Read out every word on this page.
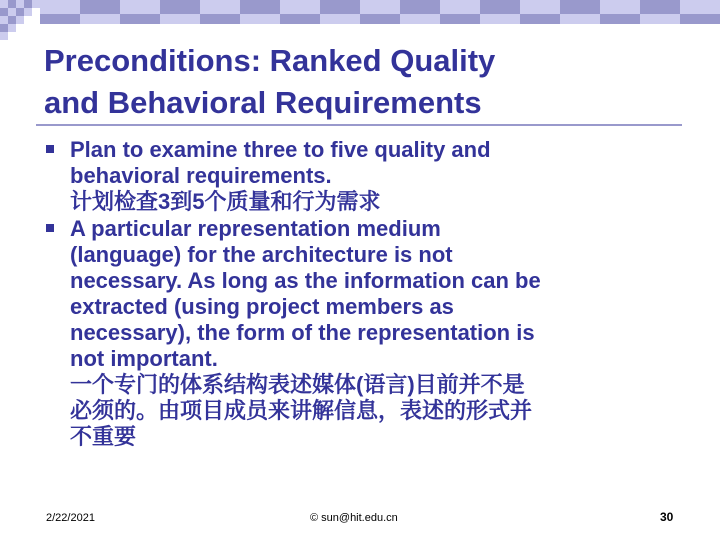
Preconditions: Ranked Quality
and Behavioral Requirements
Plan to examine three to five quality and
behavioral requirements.
计划检查3到5个质量和行为需求
A particular representation medium
(language) for the architecture is not
necessary. As long as the information can be
extracted (using project members as
necessary), the form of the representation is
not important.
一个专门的体系结构表述媒体(语言)目前并不是
必须的。由项目成员来讲解信息，表述的形式并
不重要
2/22/2021	© sun@hit.edu.cn	30
